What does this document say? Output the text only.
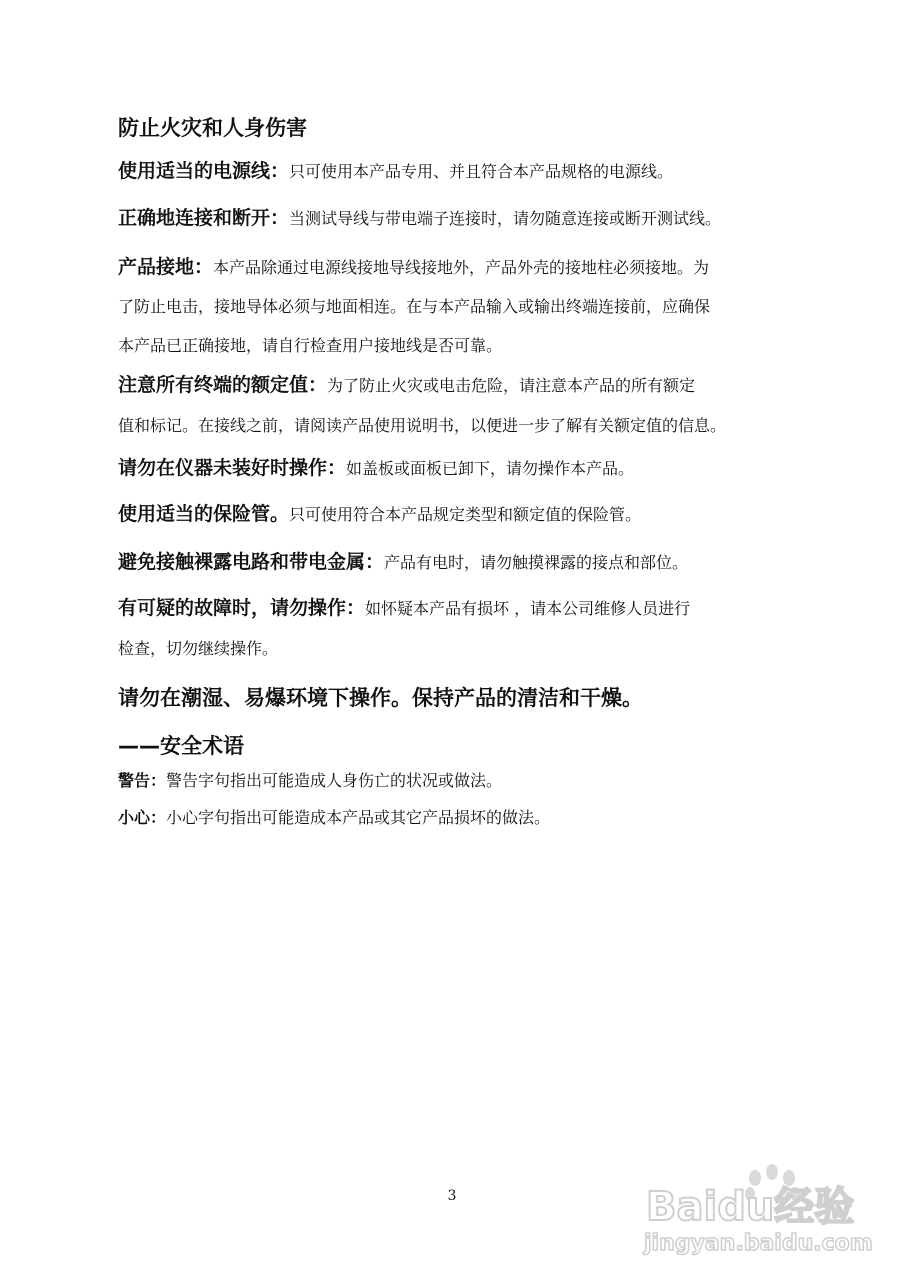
防止火灾和人身伤害
使用适当的电源线：只可使用本产品专用、并且符合本产品规格的电源线。
正确地连接和断开：当测试导线与带电端子连接时，请勿随意连接或断开测试线。
产品接地：本产品除通过电源线接地导线接地外，产品外壳的接地柱必须接地。为
了防止电击，接地导体必须与地面相连。在与本产品输入或输出终端连接前，应确保
本产品已正确接地，请自行检查用户接地线是否可靠。
注意所有终端的额定值：为了防止火灾或电击危险，请注意本产品的所有额定
值和标记。在接线之前，请阅读产品使用说明书，以便进一步了解有关额定值的信息。
请勿在仪器未装好时操作：如盖板或面板已卸下，请勿操作本产品。
使用适当的保险管。只可使用符合本产品规定类型和额定值的保险管。
避免接触裸露电路和带电金属：产品有电时，请勿触摸裸露的接点和部位。
有可疑的故障时，请勿操作：如怀疑本产品有损坏 ，请本公司维修人员进行
检查，切勿继续操作。
请勿在潮湿、易爆环境下操作。保持产品的清洁和干燥。
——安全术语
警告：警告字句指出可能造成人身伤亡的状况或做法。
小心：小心字句指出可能造成本产品或其它产品损坏的做法。
3	Baidu经验
jingyan.baidu.com
